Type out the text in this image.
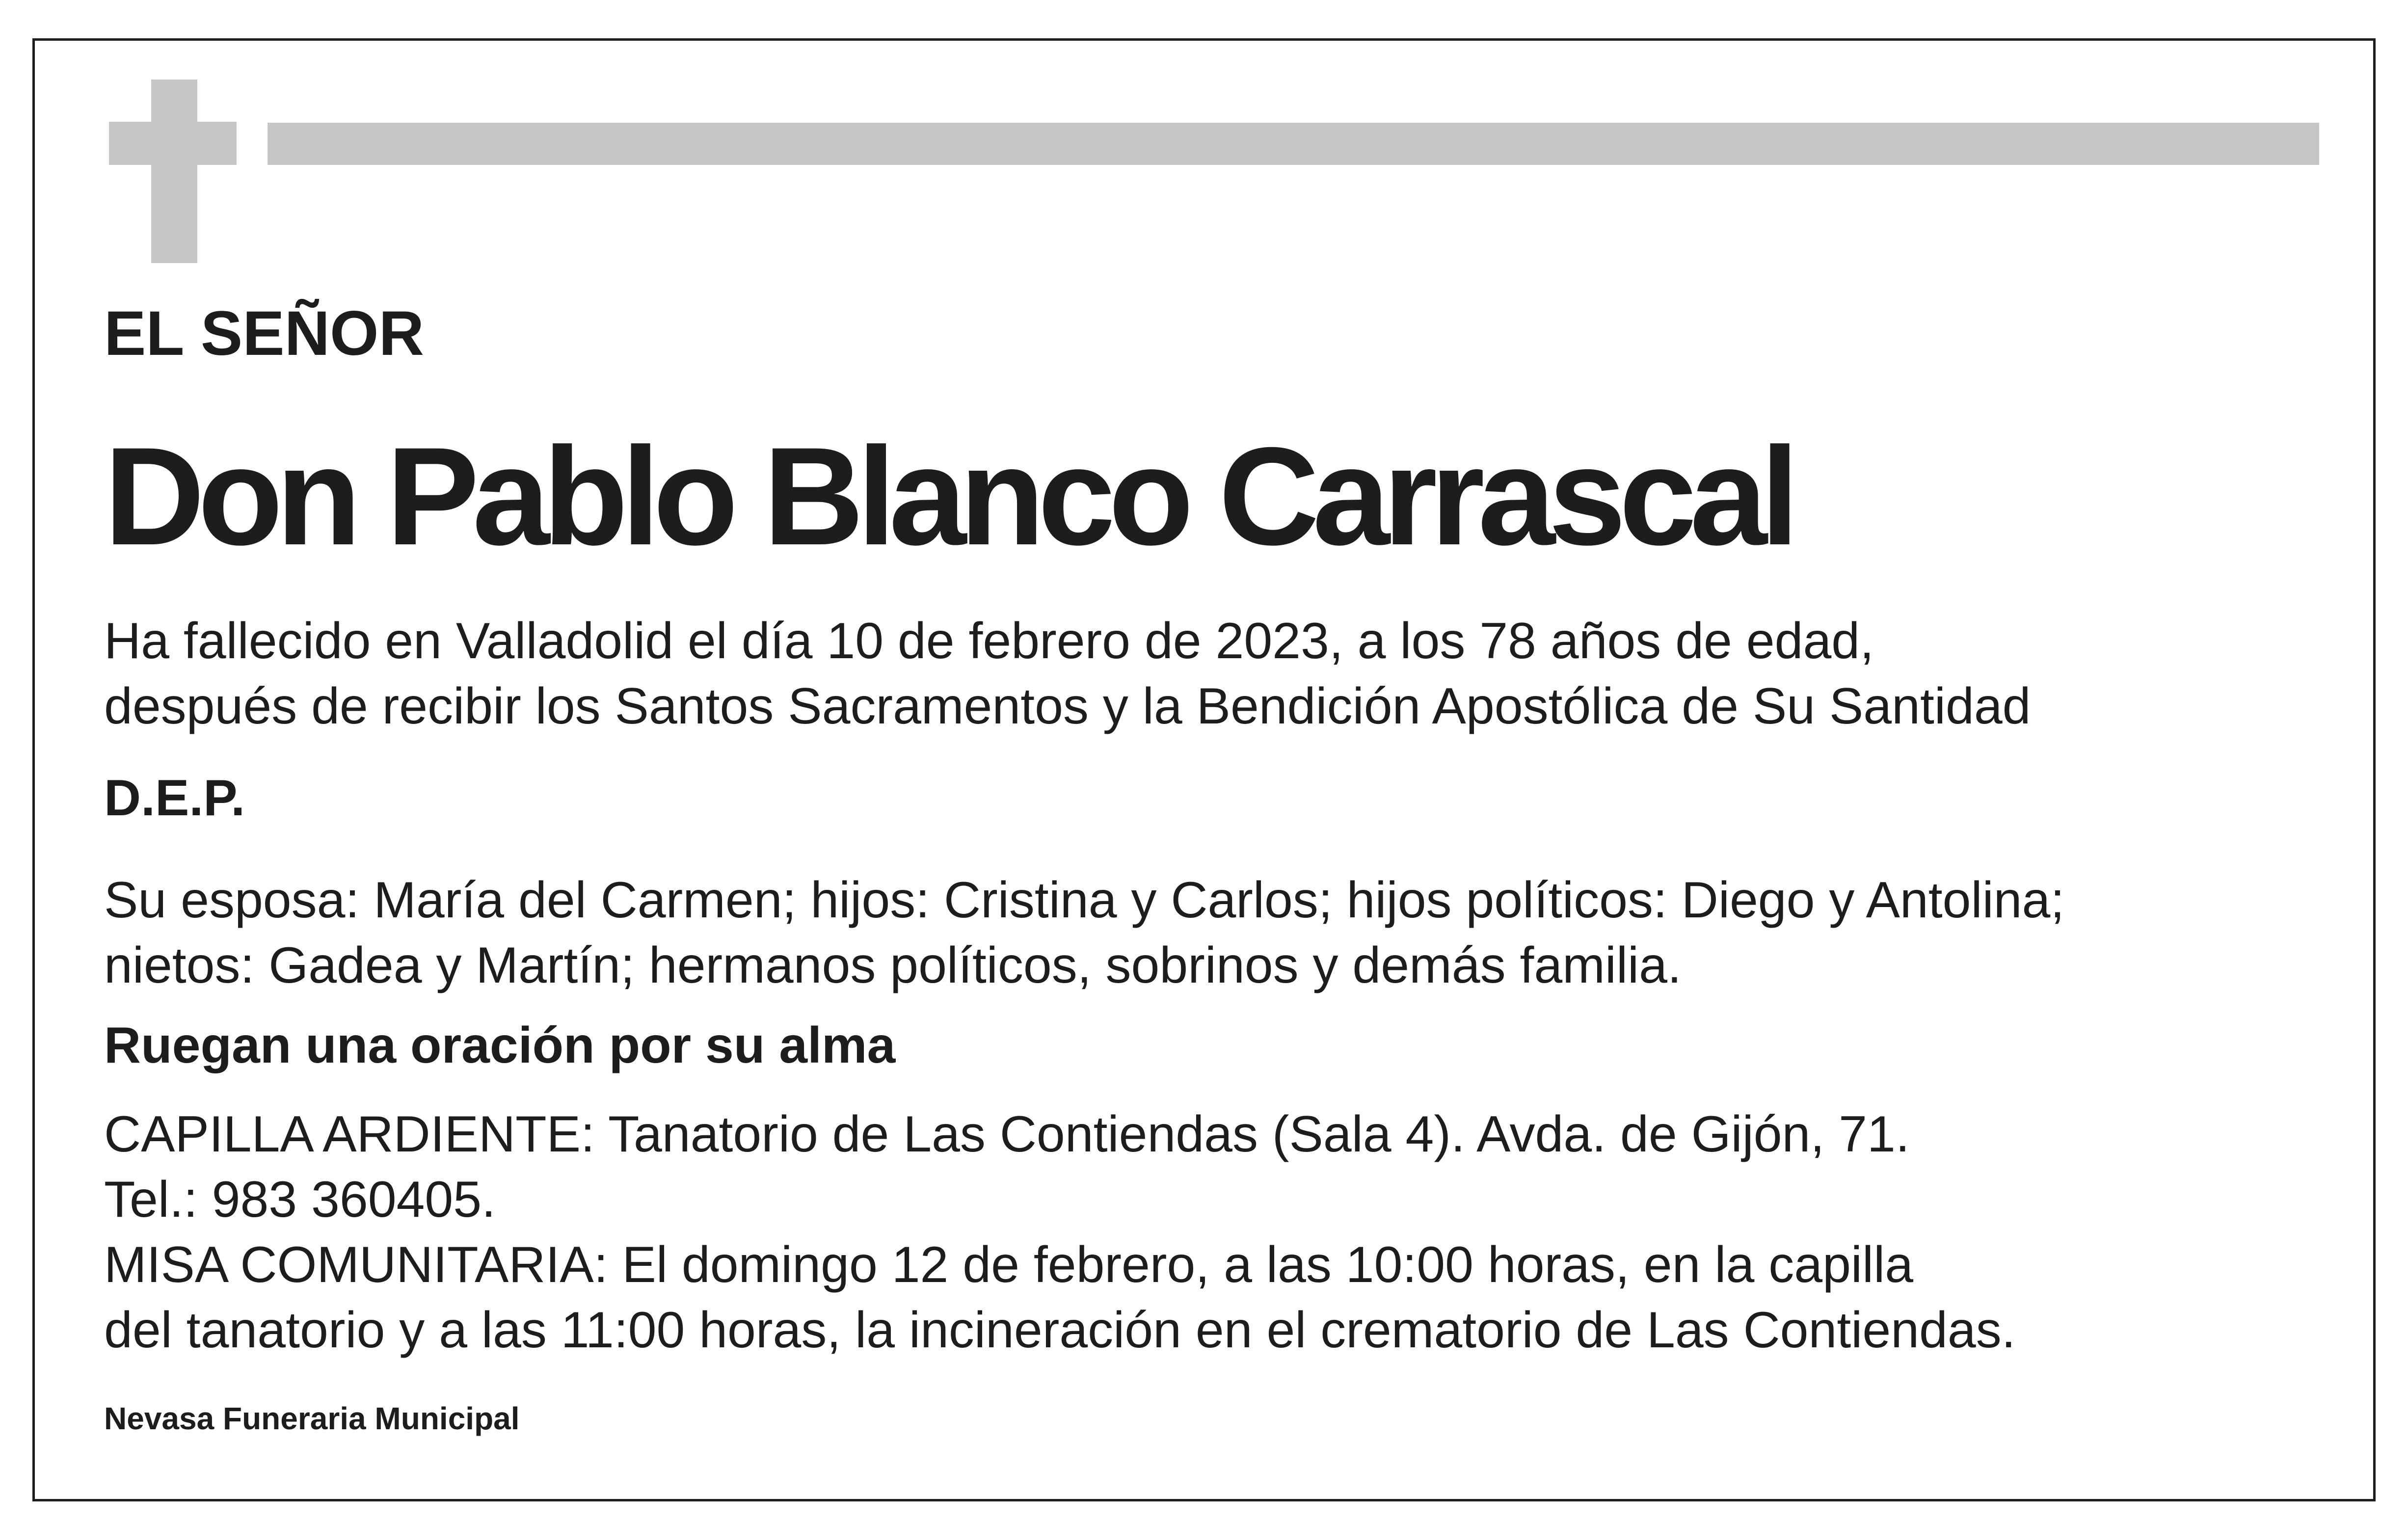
EL SEÑOR
Don Pablo Blanco Carrascal
Ha fallecido en Valladolid el día 10 de febrero de 2023, a los 78 años de edad,
después de recibir los Santos Sacramentos y la Bendición Apostólica de Su Santidad
D.E.P.
Su esposa: María del Carmen; hijos: Cristina y Carlos; hijos políticos: Diego y Antolina;
nietos: Gadea y Martín; hermanos políticos, sobrinos y demás familia.
Ruegan una oración por su alma
CAPILLA ARDIENTE: Tanatorio de Las Contiendas (Sala 4). Avda. de Gijón, 71.
Tel.: 983 360405.
MISA COMUNITARIA: El domingo 12 de febrero, a las 10:00 horas, en la capilla
del tanatorio y a las 11:00 horas, la incineración en el crematorio de Las Contiendas.
Nevasa Funeraria Municipal
